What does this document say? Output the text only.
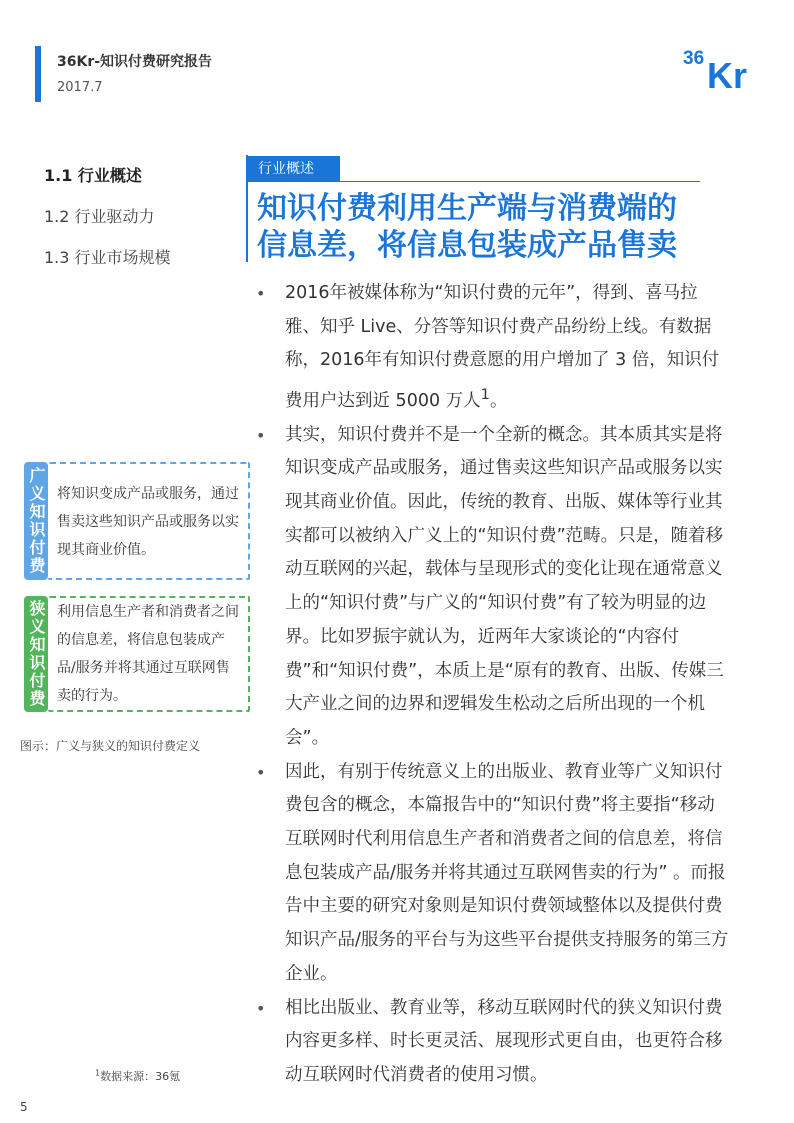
36Kr-知识付费研究报告
2017.7
36 Kr
1.1 行业概述
1.2 行业驱动力
1.3 行业市场规模
行业概述
知识付费利用生产端与消费端的
信息差，将信息包装成产品售卖
• 2016年被媒体称为“知识付费的元年”，得到、喜马拉雅、知乎 Live、分答等知识付费产品纷纷上线。有数据称，2016年有知识付费意愿的用户增加了 3 倍，知识付费用户达到近 5000 万人$^1$。
• 其实，知识付费并不是一个全新的概念。其本质其实是将知识变成产品或服务，通过售卖这些知识产品或服务以实现其商业价值。因此，传统的教育、出版、媒体等行业其实都可以被纳入广义上的“知识付费”范畴。只是，随着移动互联网的兴起，载体与呈现形式的变化让现在通常意义上的“知识付费”与广义的“知识付费”有了较为明显的边界。比如罗振宇就认为，近两年大家谈论的“内容付费”和“知识付费”，本质上是“原有的教育、出版、传媒三大产业之间的边界和逻辑发生松动之后所出现的一个机会”。
• 因此，有别于传统意义上的出版业、教育业等广义知识付费包含的概念，本篇报告中的“知识付费”将主要指“移动互联网时代利用信息生产者和消费者之间的信息差，将信息包装成产品/服务并将其通过互联网售卖的行为” 。而报告中主要的研究对象则是知识付费领域整体以及提供付费知识产品/服务的平台与为这些平台提供支持服务的第三方企业。
• 相比出版业、教育业等，移动互联网时代的狭义知识付费内容更多样、时长更灵活、展现形式更自由，也更符合移动互联网时代消费者的使用习惯。
广义知识付费 将知识变成产品或服务，通过售卖这些知识产品或服务以实现其商业价值。
狭义知识付费 利用信息生产者和消费者之间的信息差，将信息包装成产品/服务并将其通过互联网售卖的行为。
图示：广义与狭义的知识付费定义
$^1$数据来源：36氪
5
